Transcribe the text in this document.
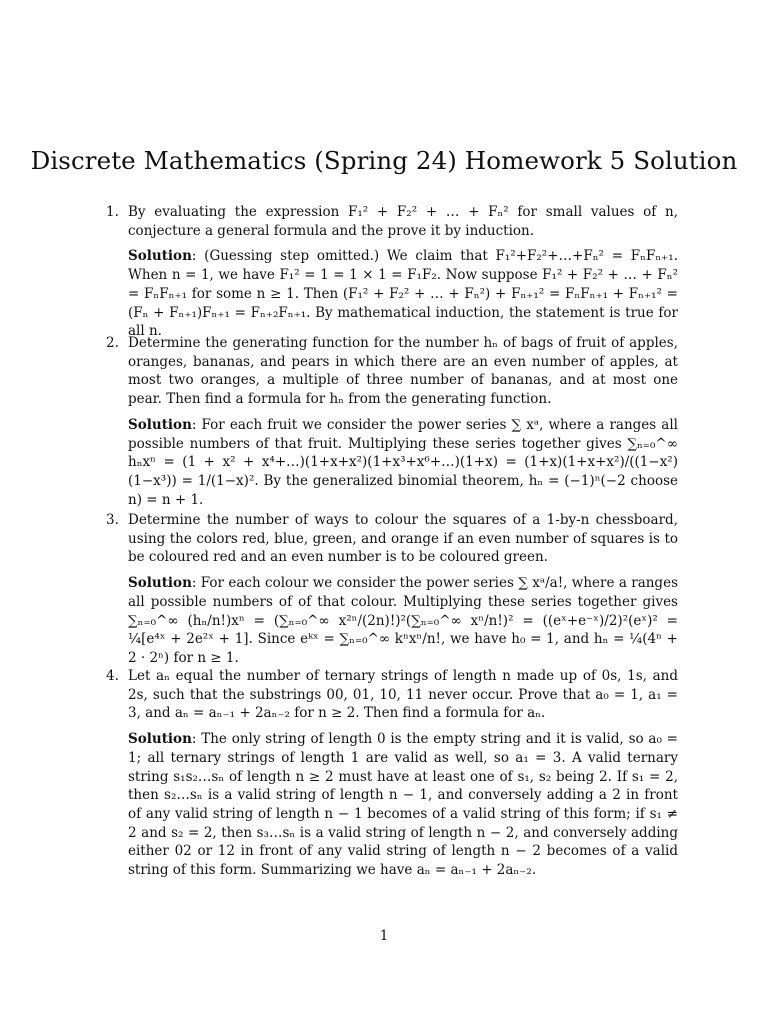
Discrete Mathematics (Spring 24) Homework 5 Solution
1. By evaluating the expression F₁² + F₂² + … + Fₙ² for small values of n, conjecture a general formula and the prove it by induction.
Solution: (Guessing step omitted.) We claim that F₁²+F₂²+…+Fₙ² = FₙFₙ₊₁. When n = 1, we have F₁² = 1 = 1 × 1 = F₁F₂. Now suppose F₁² + F₂² + … + Fₙ² = FₙFₙ₊₁ for some n ≥ 1. Then (F₁² + F₂² + … + Fₙ²) + Fₙ₊₁² = FₙFₙ₊₁ + Fₙ₊₁² = (Fₙ + Fₙ₊₁)Fₙ₊₁ = Fₙ₊₂Fₙ₊₁. By mathematical induction, the statement is true for all n.
2. Determine the generating function for the number hₙ of bags of fruit of apples, oranges, bananas, and pears in which there are an even number of apples, at most two oranges, a multiple of three number of bananas, and at most one pear. Then find a formula for hₙ from the generating function.
Solution: For each fruit we consider the power series ∑ xᵃ, where a ranges all possible numbers of that fruit. Multiplying these series together gives ∑ₙ₌₀^∞ hₙxⁿ = (1 + x² + x⁴+…)(1+x+x²)(1+x³+x⁶+…)(1+x) = (1+x)(1+x+x²)/((1−x²)(1−x³)) = 1/(1−x)². By the generalized binomial theorem, hₙ = (−1)ⁿ(−2 choose n) = n + 1.
3. Determine the number of ways to colour the squares of a 1-by-n chessboard, using the colors red, blue, green, and orange if an even number of squares is to be coloured red and an even number is to be coloured green.
Solution: For each colour we consider the power series ∑ xᵃ/a!, where a ranges all possible numbers of of that colour. Multiplying these series together gives ∑ₙ₌₀^∞ (hₙ/n!)xⁿ = (∑ₙ₌₀^∞ x²ⁿ/(2n)!)²(∑ₙ₌₀^∞ xⁿ/n!)² = ((eˣ+e⁻ˣ)/2)²(eˣ)² = ¼[e⁴ˣ + 2e²ˣ + 1]. Since eᵏˣ = ∑ₙ₌₀^∞ kⁿxⁿ/n!, we have h₀ = 1, and hₙ = ¼(4ⁿ + 2 · 2ⁿ) for n ≥ 1.
4. Let aₙ equal the number of ternary strings of length n made up of 0s, 1s, and 2s, such that the substrings 00, 01, 10, 11 never occur. Prove that a₀ = 1, a₁ = 3, and aₙ = aₙ₋₁ + 2aₙ₋₂ for n ≥ 2. Then find a formula for aₙ.
Solution: The only string of length 0 is the empty string and it is valid, so a₀ = 1; all ternary strings of length 1 are valid as well, so a₁ = 3. A valid ternary string s₁s₂…sₙ of length n ≥ 2 must have at least one of s₁, s₂ being 2. If s₁ = 2, then s₂…sₙ is a valid string of length n − 1, and conversely adding a 2 in front of any valid string of length n − 1 becomes of a valid string of this form; if s₁ ≠ 2 and s₂ = 2, then s₃…sₙ is a valid string of length n − 2, and conversely adding either 02 or 12 in front of any valid string of length n − 2 becomes of a valid string of this form. Summarizing we have aₙ = aₙ₋₁ + 2aₙ₋₂.
1
